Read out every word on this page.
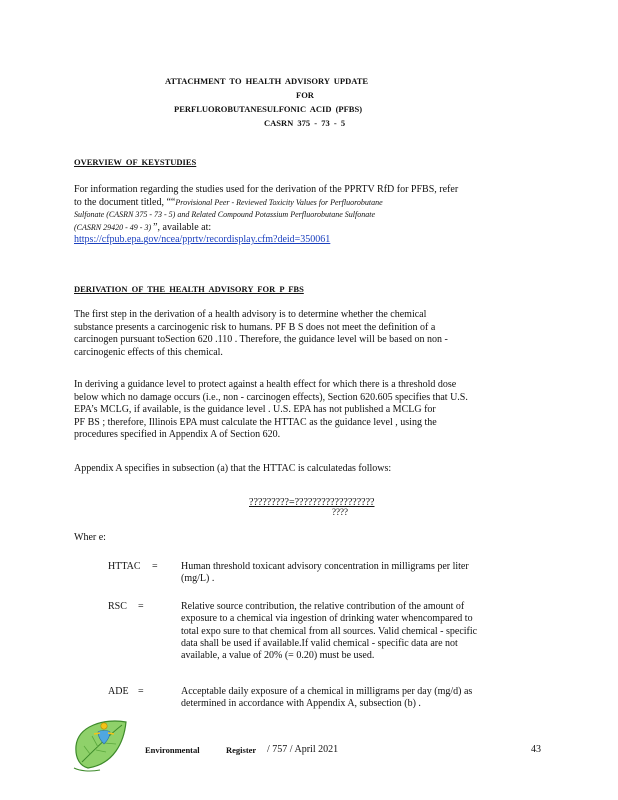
ATTACHMENT TO HEALTH ADVISORY UPDATE
FOR
PERFLUOROBUTANESULFONIC ACID (PFBS)
CASRN 375 - 73 - 5
OVERVIEW OF KEYSTUDIES

For information regarding the studies used for the derivation of the PPRTV RfD for PFBS, refer

to the document titled, ““Provisional Peer - Reviewed Toxicity Values for Perfluorobutane

Sulfonate (CASRN 375 - 73 - 5) and Related Compound Potassium Perfluorobutane Sulfonate

(CASRN 29420 - 49 - 3) ”, available at:

https://cfpub.epa.gov/ncea/pprtv/recordisplay.cfm?deid=350061

DERIVATION OF THE HEALTH ADVISORY FOR P FBS

The first step in the derivation of a health advisory is to determine whether the chemical

substance presents a carcinogenic risk to humans. PF B S does not meet the definition of a

carcinogen pursuant toSection 620 .110 . Therefore, the guidance level will be based on non -

carcinogenic effects of this chemical.

In deriving a guidance level to protect against a health effect for which there is a threshold dose

below which no damage occurs (i.e., non - carcinogen effects), Section 620.605 specifies that U.S.

EPA’s MCLG, if available, is the guidance level . U.S. EPA has not published a MCLG for

PF BS ; therefore, Illinois EPA must calculate the HTTAC as the guidance level , using the

procedures specified in Appendix A of Section 620.

Appendix A specifies in subsection (a) that the HTTAC is calculatedas follows:
?????????=??????????????????
????
Wher e:
HTTAC = Human threshold toxicant advisory concentration in milligrams per liter

(mg/L) .

RSC =	Relative source contribution, the relative contribution of the amount of

exposure to a chemical via ingestion of drinking water whencompared to

total expo sure to that chemical from all sources. Valid chemical - specific

data shall be used if available.If valid chemical - specific data are not

available, a value of 20% (= 0.20) must be used.

ADE =	Acceptable daily exposure of a chemical in milligrams per day (mg/d) as

determined in accordance with Appendix A, subsection (b) .

Environmental	Register / 757 / April 2021	43
